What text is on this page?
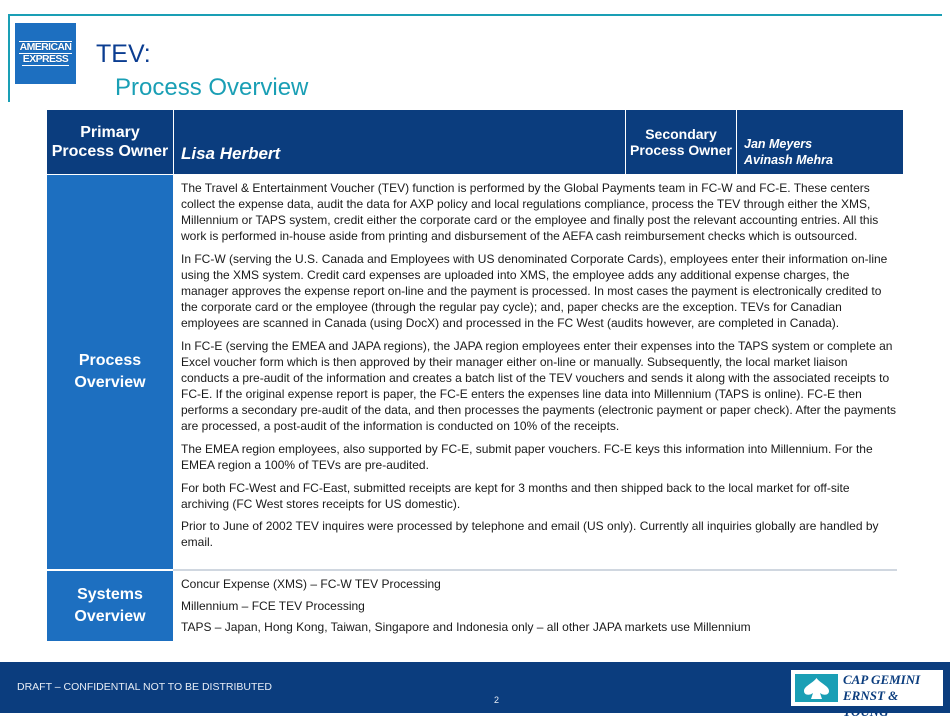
AMERICAN
EXPRESS TEV:
Process Overview
Primary
Process Owner Lisa Herbert
Secondary
Process Owner Jan Meyers
Avinash Mehra
Process
Overview

The Travel & Entertainment Voucher (TEV) function is performed by the Global Payments team in FC-W and FC-E. These centers collect the expense data, audit the data for AXP policy and local regulations compliance, process the TEV through either the XMS, Millennium or TAPS system, credit either the corporate card or the employee and finally post the relevant accounting entries. All this work is performed in-house aside from printing and disbursement of the AEFA cash reimbursement checks which is outsourced.

In FC-W (serving the U.S. Canada and Employees with US denominated Corporate Cards), employees enter their information on-line using the XMS system. Credit card expenses are uploaded into XMS, the employee adds any additional expense charges, the manager approves the expense report on-line and the payment is processed. In most cases the payment is electronically credited to the corporate card or the employee (through the regular pay cycle); and, paper checks are the exception. TEVs for Canadian employees are scanned in Canada (using DocX) and processed in the FC West (audits however, are completed in Canada).

In FC-E (serving the EMEA and JAPA regions), the JAPA region employees enter their expenses into the TAPS system or complete an Excel voucher form which is then approved by their manager either on-line or manually. Subsequently, the local market liaison conducts a pre-audit of the information and creates a batch list of the TEV vouchers and sends it along with the associated receipts to FC-E. If the original expense report is paper, the FC-E enters the expenses line data into Millennium (TAPS is online). FC-E then performs a secondary pre-audit of the data, and then processes the payments (electronic payment or paper check). After the payments are processed, a post-audit of the information is conducted on 10% of the receipts.

The EMEA region employees, also supported by FC-E, submit paper vouchers. FC-E keys this information into Millennium. For the EMEA region a 100% of TEVs are pre-audited.

For both FC-West and FC-East, submitted receipts are kept for 3 months and then shipped back to the local market for off-site archiving (FC West stores receipts for US domestic).

Prior to June of 2002 TEV inquires were processed by telephone and email (US only). Currently all inquiries globally are handled by email.

Systems
Overview

Concur Expense (XMS) – FC-W TEV Processing

Millennium – FCE TEV Processing

TAPS – Japan, Hong Kong, Taiwan, Singapore and Indonesia only – all other JAPA markets use Millennium

DRAFT – CONFIDENTIAL NOT TO BE DISTRIBUTED
2
CAP GEMINI
ERNST & YOUNG
